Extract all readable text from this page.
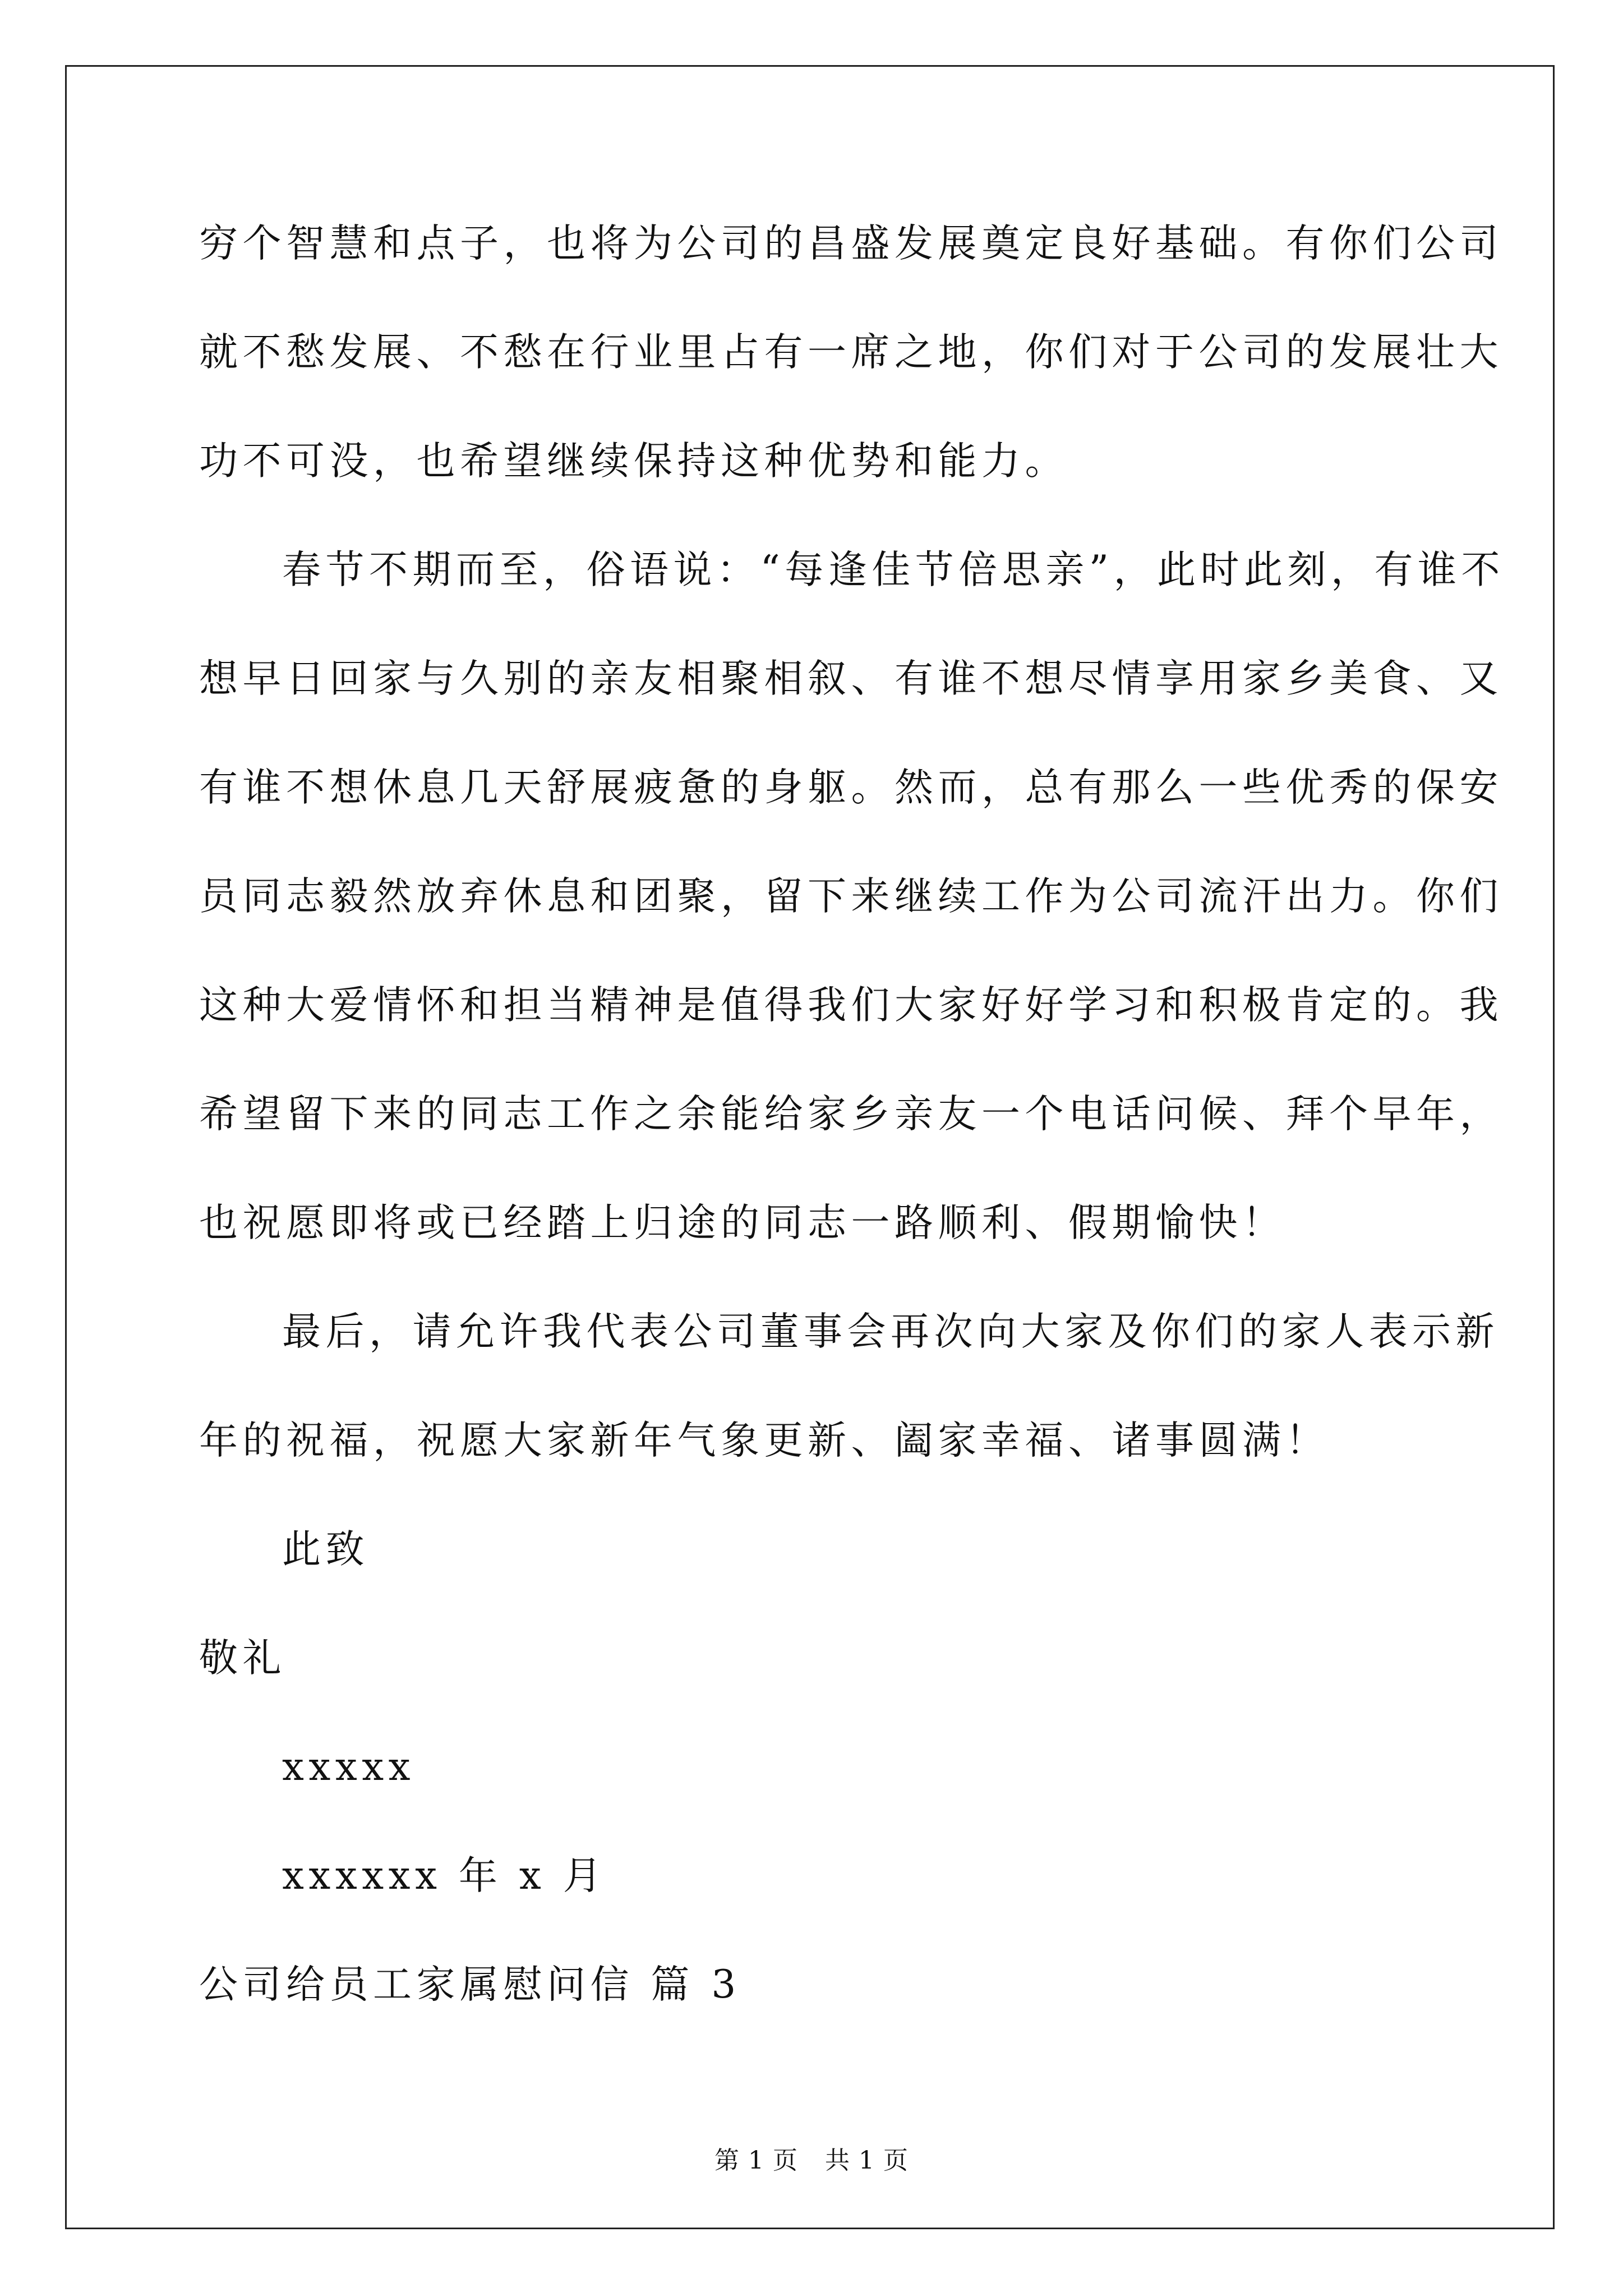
穷个智慧和点子，也将为公司的昌盛发展奠定良好基础。有你们公司
就不愁发展、不愁在行业里占有一席之地，你们对于公司的发展壮大
功不可没，也希望继续保持这种优势和能力。
春节不期而至，俗语说：“每逢佳节倍思亲”，此时此刻，有谁不
想早日回家与久别的亲友相聚相叙、有谁不想尽情享用家乡美食、又
有谁不想休息几天舒展疲惫的身躯。然而，总有那么一些优秀的保安
员同志毅然放弃休息和团聚，留下来继续工作为公司流汗出力。你们
这种大爱情怀和担当精神是值得我们大家好好学习和积极肯定的。我
希望留下来的同志工作之余能给家乡亲友一个电话问候、拜个早年，
也祝愿即将或已经踏上归途的同志一路顺利、假期愉快！
最后，请允许我代表公司董事会再次向大家及你们的家人表示新
年的祝福，祝愿大家新年气象更新、阖家幸福、诸事圆满！
此致
敬礼
xxxxx
xxxxxx 年 x 月
公司给员工家属慰问信 篇 3
第 1 页 共 1 页
